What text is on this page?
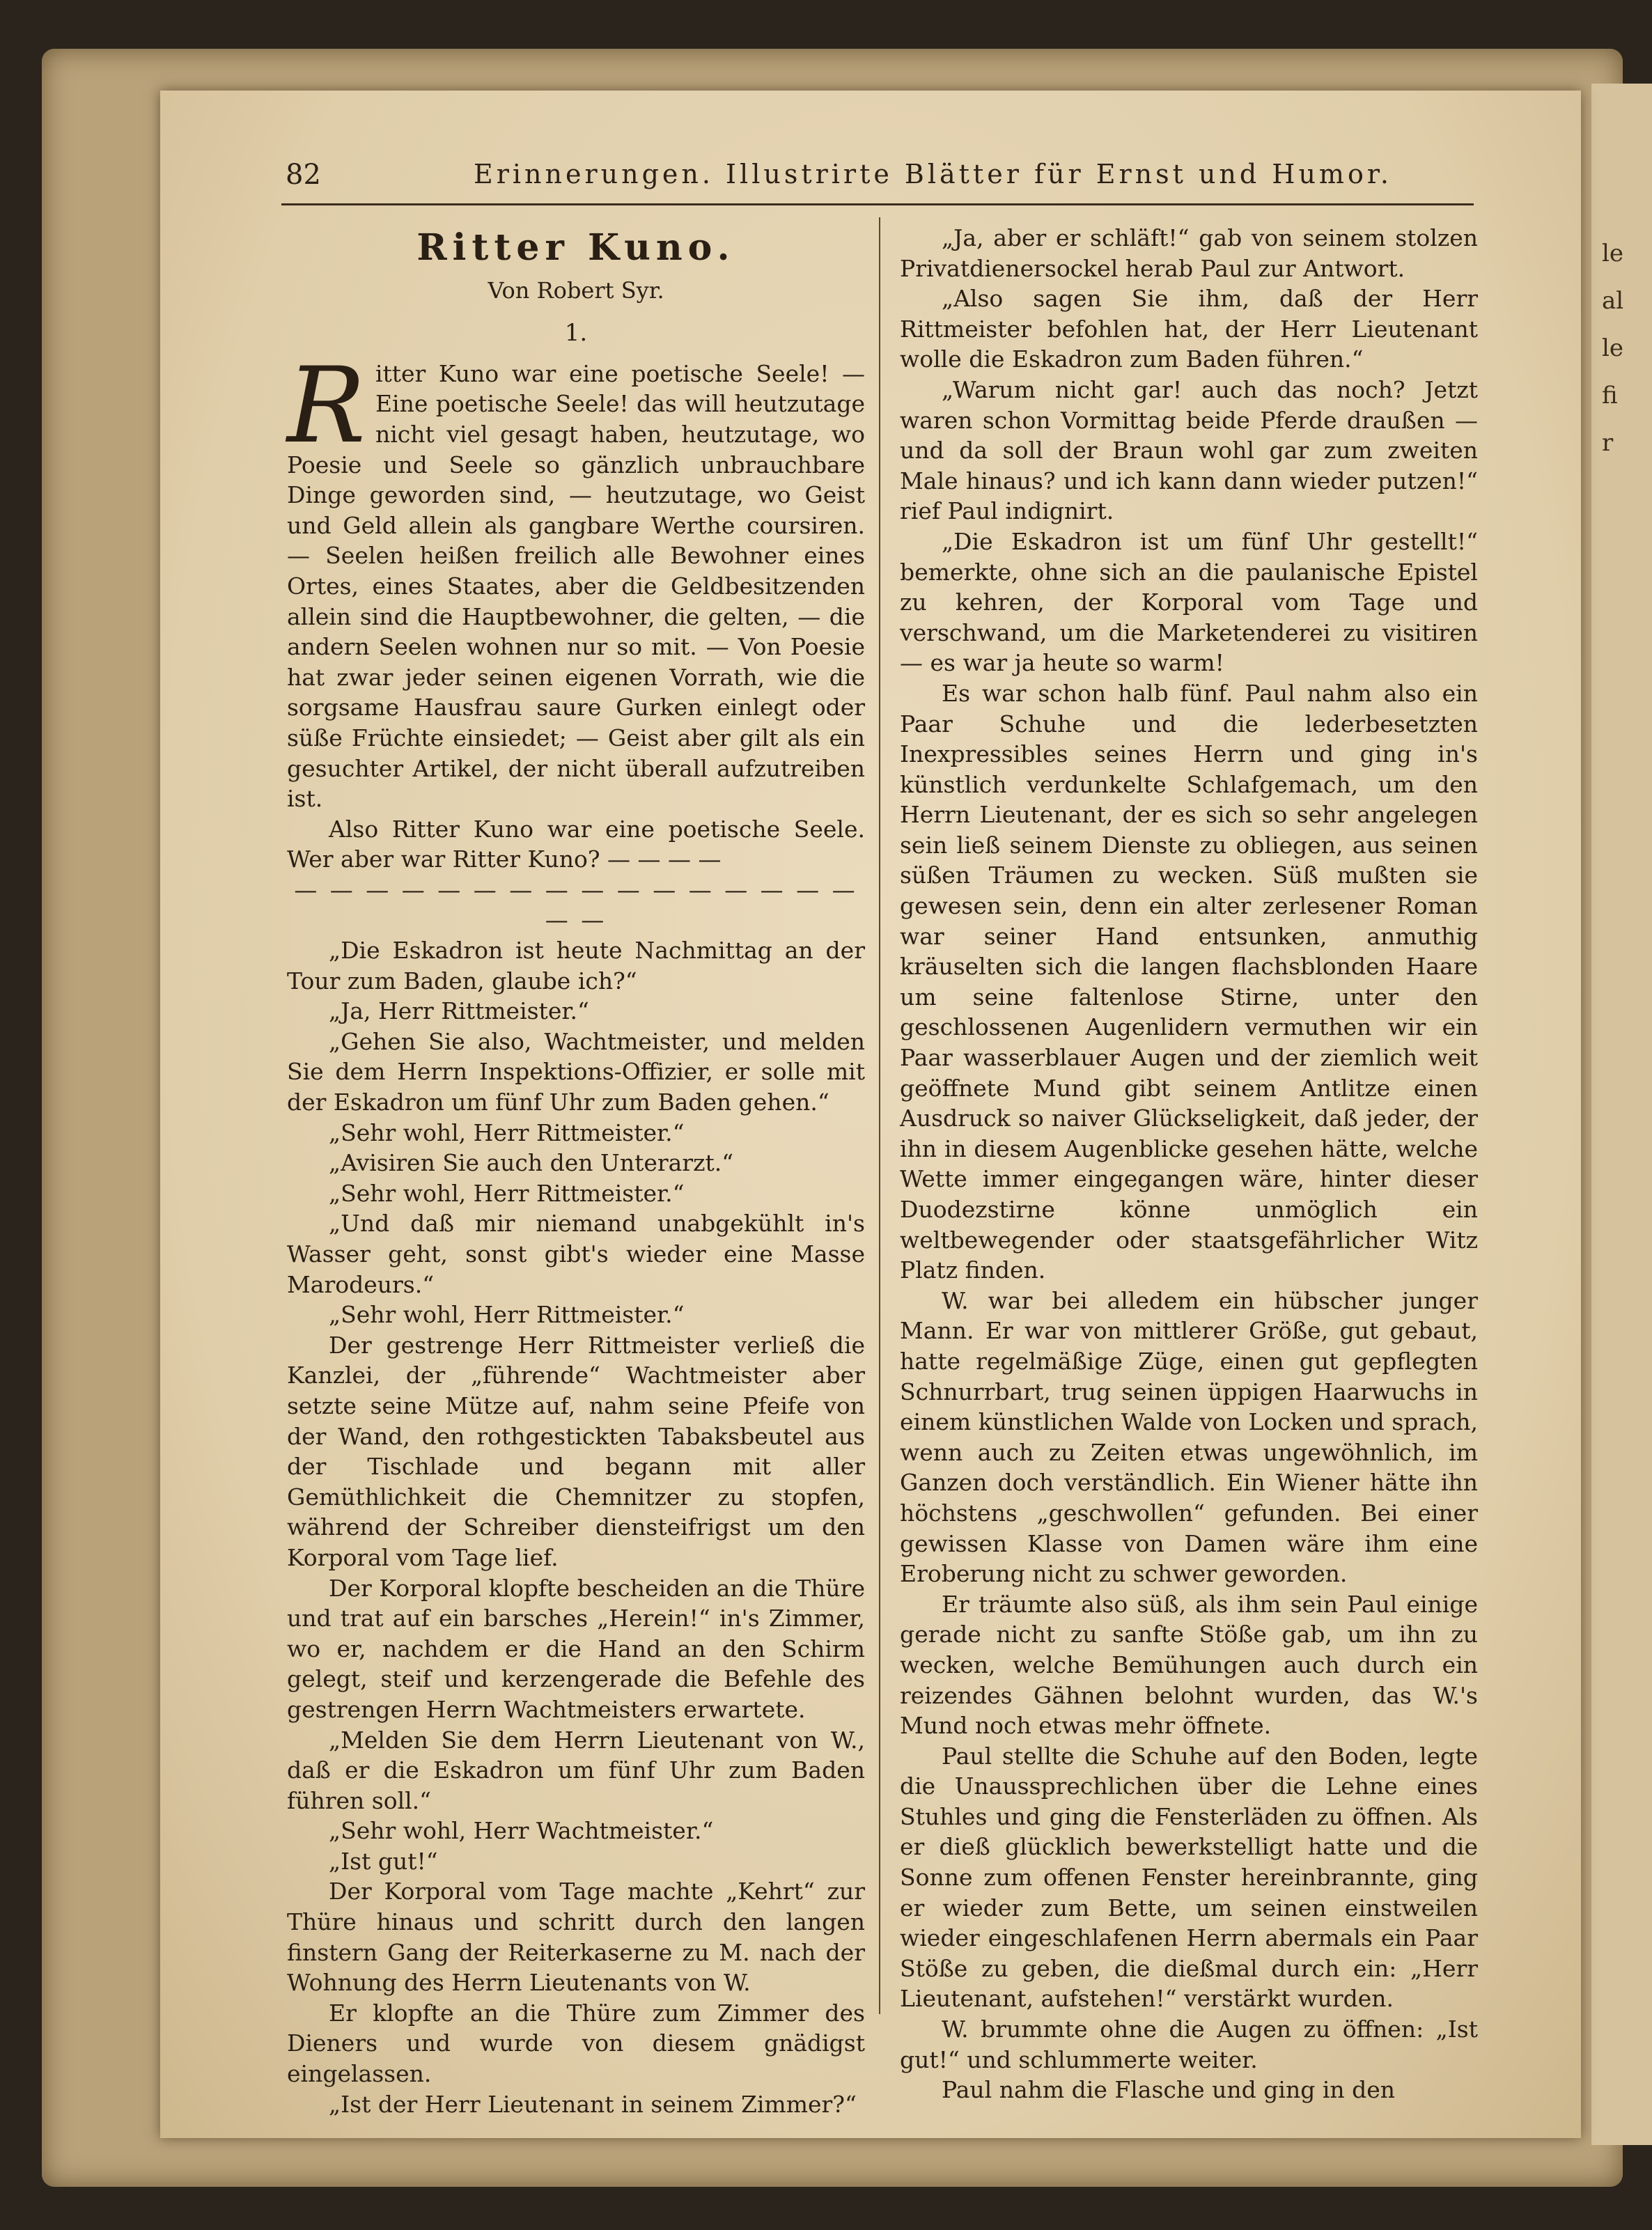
le
al
le
fi
r
82	Erinnerungen. Illustrirte Blätter für Ernst und Humor.
Ritter Kuno.
Von Robert Syr.
1.

Ritter Kuno war eine poetische Seele! — Eine poetische Seele! das will heutzutage nicht viel gesagt haben, heutzutage, wo Poesie und Seele so gänzlich unbrauchbare Dinge geworden sind, — heutzutage, wo Geist und Geld allein als gangbare Werthe coursiren. — Seelen heißen freilich alle Bewohner eines Ortes, eines Staates, aber die Geldbesitzenden allein sind die Hauptbewohner, die gelten, — die andern Seelen wohnen nur so mit. — Von Poesie hat zwar jeder seinen eigenen Vorrath, wie die sorgsame Hausfrau saure Gurken einlegt oder süße Früchte einsiedet; — Geist aber gilt als ein gesuchter Artikel, der nicht überall aufzutreiben ist.

Also Ritter Kuno war eine poetische Seele. Wer aber war Ritter Kuno? — — — —

— — — — — — — — — — — — — — — — — —

„Die Eskadron ist heute Nachmittag an der Tour zum Baden, glaube ich?“

„Ja, Herr Rittmeister.“

„Gehen Sie also, Wachtmeister, und melden Sie dem Herrn Inspektions-Offizier, er solle mit der Eskadron um fünf Uhr zum Baden gehen.“

„Sehr wohl, Herr Rittmeister.“

„Avisiren Sie auch den Unterarzt.“

„Sehr wohl, Herr Rittmeister.“

„Und daß mir niemand unabgekühlt in's Wasser geht, sonst gibt's wieder eine Masse Marodeurs.“

„Sehr wohl, Herr Rittmeister.“

Der gestrenge Herr Rittmeister verließ die Kanzlei, der „führende“ Wachtmeister aber setzte seine Mütze auf, nahm seine Pfeife von der Wand, den rothgestickten Tabaksbeutel aus der Tischlade und begann mit aller Gemüthlichkeit die Chemnitzer zu stopfen, während der Schreiber diensteifrigst um den Korporal vom Tage lief.

Der Korporal klopfte bescheiden an die Thüre und trat auf ein barsches „Herein!“ in's Zimmer, wo er, nachdem er die Hand an den Schirm gelegt, steif und kerzengerade die Befehle des gestrengen Herrn Wachtmeisters erwartete.

„Melden Sie dem Herrn Lieutenant von W., daß er die Eskadron um fünf Uhr zum Baden führen soll.“

„Sehr wohl, Herr Wachtmeister.“

„Ist gut!“

Der Korporal vom Tage machte „Kehrt“ zur Thüre hinaus und schritt durch den langen finstern Gang der Reiterkaserne zu M. nach der Wohnung des Herrn Lieutenants von W.

Er klopfte an die Thüre zum Zimmer des Dieners und wurde von diesem gnädigst eingelassen.

„Ist der Herr Lieutenant in seinem Zimmer?“

„Ja, aber er schläft!“ gab von seinem stolzen Privatdienersockel herab Paul zur Antwort.

„Also sagen Sie ihm, daß der Herr Rittmeister befohlen hat, der Herr Lieutenant wolle die Eskadron zum Baden führen.“

„Warum nicht gar! auch das noch? Jetzt waren schon Vormittag beide Pferde draußen — und da soll der Braun wohl gar zum zweiten Male hinaus? und ich kann dann wieder putzen!“ rief Paul indignirt.

„Die Eskadron ist um fünf Uhr gestellt!“ bemerkte, ohne sich an die paulanische Epistel zu kehren, der Korporal vom Tage und verschwand, um die Marketenderei zu visitiren — es war ja heute so warm!

Es war schon halb fünf. Paul nahm also ein Paar Schuhe und die lederbesetzten Inexpressibles seines Herrn und ging in's künstlich verdunkelte Schlafgemach, um den Herrn Lieutenant, der es sich so sehr angelegen sein ließ seinem Dienste zu obliegen, aus seinen süßen Träumen zu wecken. Süß mußten sie gewesen sein, denn ein alter zerlesener Roman war seiner Hand entsunken, anmuthig kräuselten sich die langen flachsblonden Haare um seine faltenlose Stirne, unter den geschlossenen Augenlidern vermuthen wir ein Paar wasserblauer Augen und der ziemlich weit geöffnete Mund gibt seinem Antlitze einen Ausdruck so naiver Glückseligkeit, daß jeder, der ihn in diesem Augenblicke gesehen hätte, welche Wette immer eingegangen wäre, hinter dieser Duodezstirne könne unmöglich ein weltbewegender oder staatsgefährlicher Witz Platz finden.

W. war bei alledem ein hübscher junger Mann. Er war von mittlerer Größe, gut gebaut, hatte regelmäßige Züge, einen gut gepflegten Schnurrbart, trug seinen üppigen Haarwuchs in einem künstlichen Walde von Locken und sprach, wenn auch zu Zeiten etwas ungewöhnlich, im Ganzen doch verständlich. Ein Wiener hätte ihn höchstens „geschwollen“ gefunden. Bei einer gewissen Klasse von Damen wäre ihm eine Eroberung nicht zu schwer geworden.

Er träumte also süß, als ihm sein Paul einige gerade nicht zu sanfte Stöße gab, um ihn zu wecken, welche Bemühungen auch durch ein reizendes Gähnen belohnt wurden, das W.'s Mund noch etwas mehr öffnete.

Paul stellte die Schuhe auf den Boden, legte die Unaussprechlichen über die Lehne eines Stuhles und ging die Fensterläden zu öffnen. Als er dieß glücklich bewerkstelligt hatte und die Sonne zum offenen Fenster hereinbrannte, ging er wieder zum Bette, um seinen einstweilen wieder eingeschlafenen Herrn abermals ein Paar Stöße zu geben, die dießmal durch ein: „Herr Lieutenant, aufstehen!“ verstärkt wurden.

W. brummte ohne die Augen zu öffnen: „Ist gut!“ und schlummerte weiter.

Paul nahm die Flasche und ging in den
